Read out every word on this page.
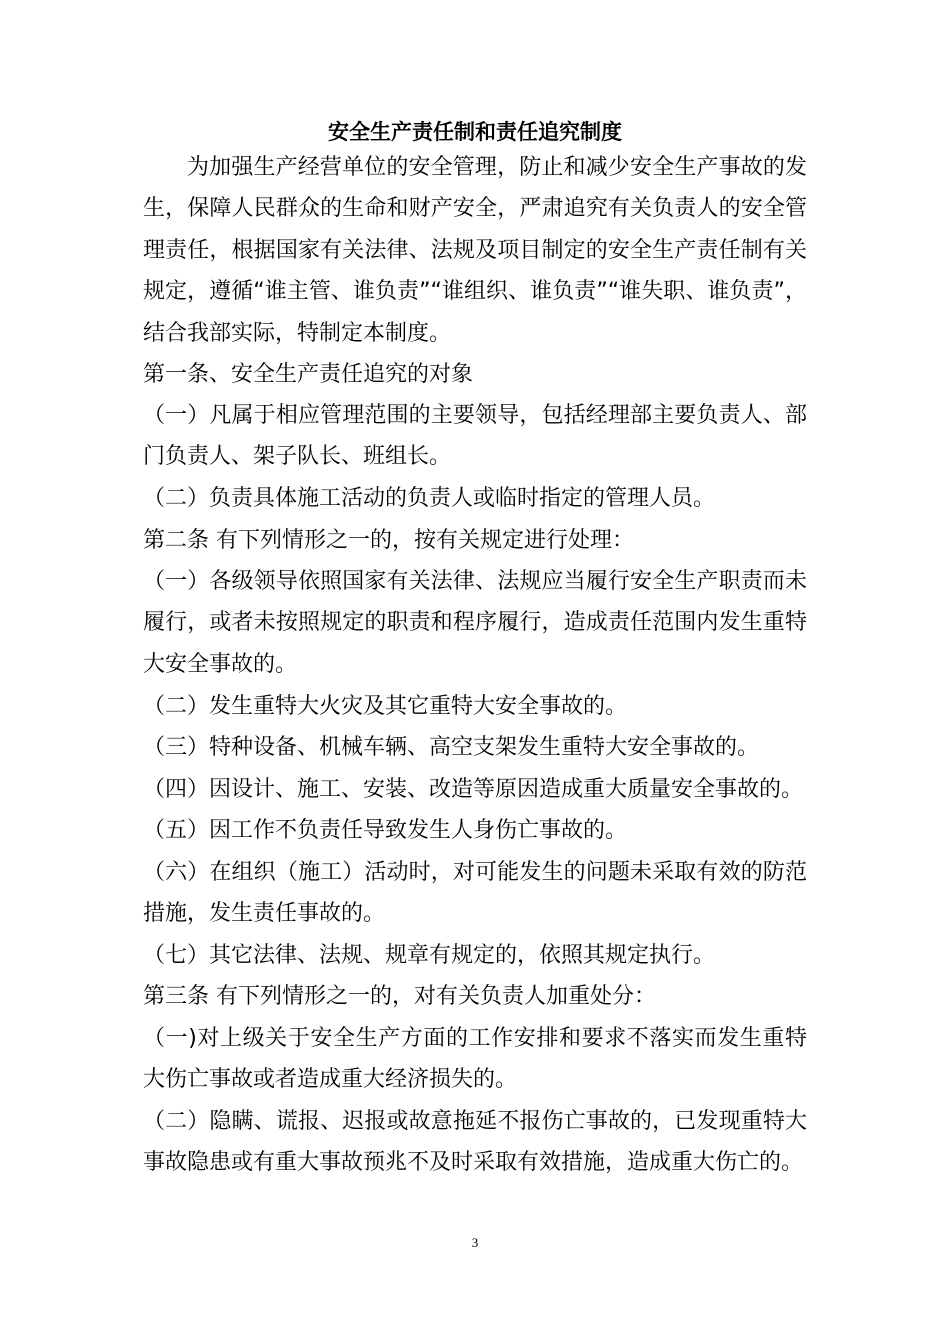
安全生产责任制和责任追究制度
为加强生产经营单位的安全管理，防止和减少安全生产事故的发生，保障人民群众的生命和财产安全，严肃追究有关负责人的安全管理责任，根据国家有关法律、法规及项目制定的安全生产责任制有关规定，遵循“谁主管、谁负责”“谁组织、谁负责”“谁失职、谁负责”，结合我部实际，特制定本制度。
第一条、安全生产责任追究的对象
（一）凡属于相应管理范围的主要领导，包括经理部主要负责人、部门负责人、架子队长、班组长。
（二）负责具体施工活动的负责人或临时指定的管理人员。
第二条 有下列情形之一的，按有关规定进行处理：
（一）各级领导依照国家有关法律、法规应当履行安全生产职责而未履行，或者未按照规定的职责和程序履行，造成责任范围内发生重特大安全事故的。
（二）发生重特大火灾及其它重特大安全事故的。
（三）特种设备、机械车辆、高空支架发生重特大安全事故的。
（四）因设计、施工、安装、改造等原因造成重大质量安全事故的。
（五）因工作不负责任导致发生人身伤亡事故的。
（六）在组织（施工）活动时，对可能发生的问题未采取有效的防范措施，发生责任事故的。
（七）其它法律、法规、规章有规定的，依照其规定执行。
第三条 有下列情形之一的，对有关负责人加重处分：
（一)对上级关于安全生产方面的工作安排和要求不落实而发生重特大伤亡事故或者造成重大经济损失的。
（二）隐瞒、谎报、迟报或故意拖延不报伤亡事故的，已发现重特大事故隐患或有重大事故预兆不及时采取有效措施，造成重大伤亡的。
3
